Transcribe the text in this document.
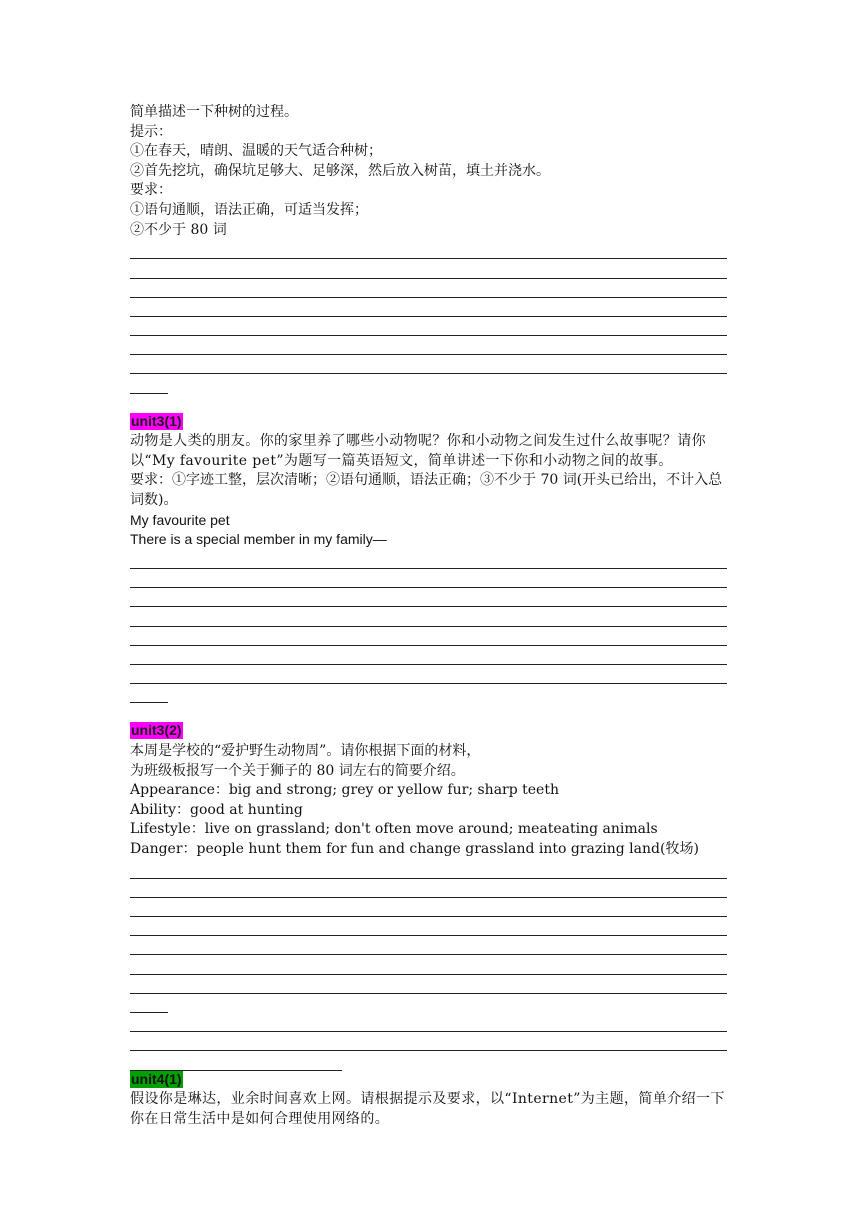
简单描述一下种树的过程。
提示：
①在春天，晴朗、温暖的天气适合种树；
②首先挖坑，确保坑足够大、足够深，然后放入树苗，填土并浇水。
要求：
①语句通顺，语法正确，可适当发挥；
②不少于 80 词
unit3(1)
动物是人类的朋友。你的家里养了哪些小动物呢？你和小动物之间发生过什么故事呢？请你以“My favourite pet”为题写一篇英语短文，简单讲述一下你和小动物之间的故事。
要求：①字迹工整，层次清晰；②语句通顺，语法正确；③不少于 70 词(开头已给出，不计入总词数)。
My favourite pet
There is a special member in my family—
unit3(2)
本周是学校的“爱护野生动物周”。请你根据下面的材料，
为班级板报写一个关于狮子的 80 词左右的简要介绍。
Appearance：big and strong; grey or yellow fur; sharp teeth
Ability：good at hunting
Lifestyle：live on grassland; don't often move around; meateating animals
Danger：people hunt them for fun and change grassland into grazing land(牧场)
unit4(1)
假设你是琳达，业余时间喜欢上网。请根据提示及要求，以“Internet”为主题，简单介绍一下你在日常生活中是如何合理使用网络的。
